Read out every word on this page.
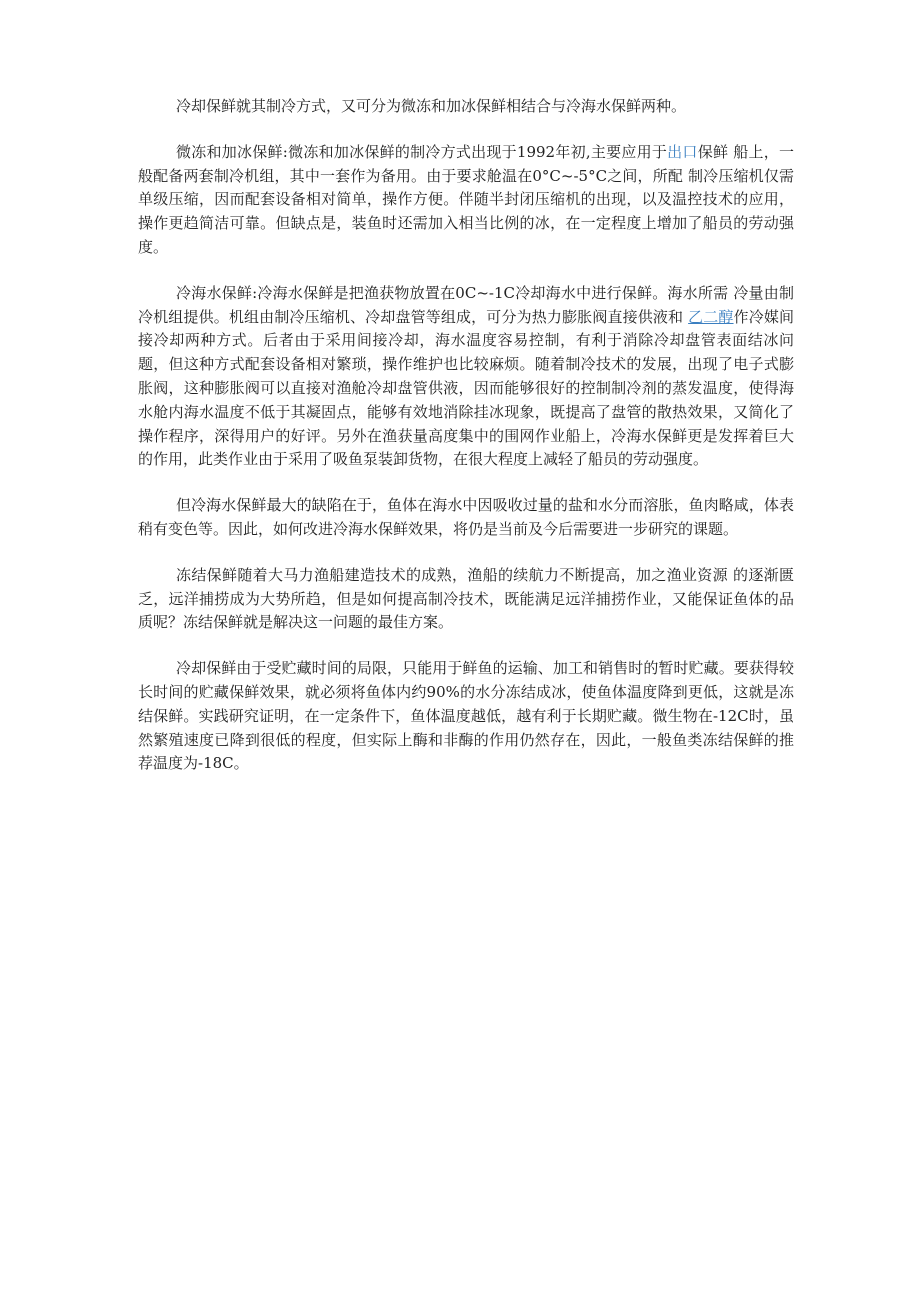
冷却保鲜就其制冷方式，又可分为微冻和加冰保鲜相结合与冷海水保鲜两种。

微冻和加冰保鲜:微冻和加冰保鲜的制冷方式出现于1992年初,主要应用于出口保鲜 船上，一般配备两套制冷机组，其中一套作为备用。由于要求舱温在0°C~-5°C之间，所配 制冷压缩机仅需单级压缩，因而配套设备相对简单，操作方便。伴随半封闭压缩机的出现，以及温控技术的应用，操作更趋简洁可靠。但缺点是，装鱼时还需加入相当比例的冰，在一定程度上增加了船员的劳动强度。

冷海水保鲜:冷海水保鲜是把渔获物放置在0C~-1C冷却海水中进行保鲜。海水所需 冷量由制冷机组提供。机组由制冷压缩机、冷却盘管等组成，可分为热力膨胀阀直接供液和 乙二醇作冷媒间接冷却两种方式。后者由于采用间接冷却，海水温度容易控制，有利于消除冷却盘管表面结冰问题，但这种方式配套设备相对繁琐，操作维护也比较麻烦。随着制冷技术的发展，出现了电子式膨胀阀，这种膨胀阀可以直接对渔舱冷却盘管供液，因而能够很好的控制制冷剂的蒸发温度，使得海水舱内海水温度不低于其凝固点，能够有效地消除挂冰现象，既提高了盘管的散热效果，又简化了操作程序，深得用户的好评。另外在渔获量高度集中的围网作业船上，冷海水保鲜更是发挥着巨大的作用，此类作业由于采用了吸鱼泵装卸货物，在很大程度上减轻了船员的劳动强度。

但冷海水保鲜最大的缺陷在于，鱼体在海水中因吸收过量的盐和水分而溶胀，鱼肉略咸，体表稍有变色等。因此，如何改进冷海水保鲜效果，将仍是当前及今后需要进一步研究的课题。

冻结保鲜随着大马力渔船建造技术的成熟，渔船的续航力不断提高，加之渔业资源 的逐渐匮乏，远洋捕捞成为大势所趋，但是如何提高制冷技术，既能满足远洋捕捞作业，又能保证鱼体的品质呢？冻结保鲜就是解决这一问题的最佳方案。

冷却保鲜由于受贮藏时间的局限，只能用于鲜鱼的运输、加工和销售时的暂时贮藏。要获得较长时间的贮藏保鲜效果，就必须将鱼体内约90%的水分冻结成冰，使鱼体温度降到更低，这就是冻结保鲜。实践研究证明，在一定条件下，鱼体温度越低，越有利于长期贮藏。微生物在-12C时，虽然繁殖速度已降到很低的程度，但实际上酶和非酶的作用仍然存在，因此，一般鱼类冻结保鲜的推荐温度为-18C。
